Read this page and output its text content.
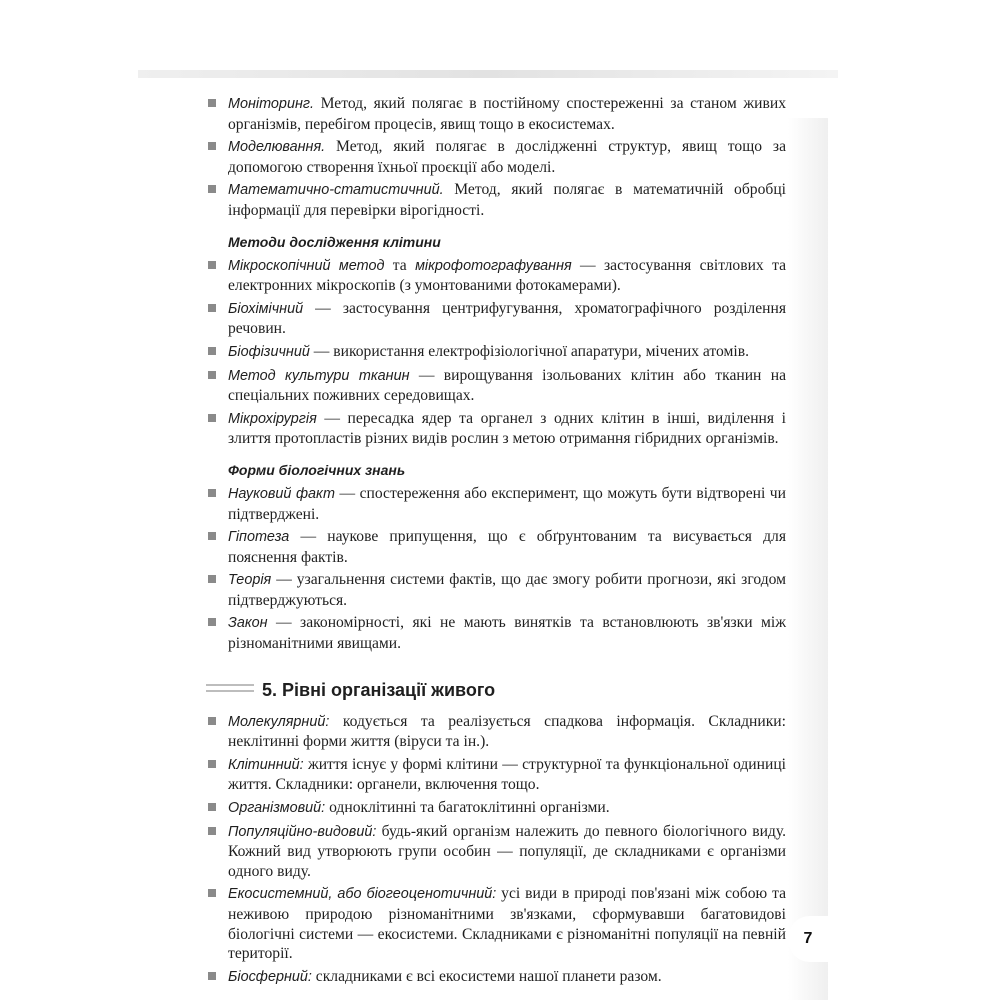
7
Моніторинг. Метод, який полягає в постійному спостереженні за станом живих організмів, перебігом процесів, явищ тощо в екосистемах.
Моделювання. Метод, який полягає в дослідженні структур, явищ тощо за допомогою створення їхньої проєкції або моделі.
Математично-статистичний. Метод, який полягає в математичній обробці інформації для перевірки вірогідності.
Методи дослідження клітини
Мікроскопічний метод та мікрофотографування — застосування світлових та електронних мікроскопів (з умонтованими фотокамерами).
Біохімічний — застосування центрифугування, хроматографічного розділення речовин.
Біофізичний — використання електрофізіологічної апаратури, мічених атомів.
Метод культури тканин — вирощування ізольованих клітин або тканин на спеціальних поживних середовищах.
Мікрохірургія — пересадка ядер та органел з одних клітин в інші, виділення і злиття протопластів різних видів рослин з метою отримання гібридних організмів.
Форми біологічних знань
Науковий факт — спостереження або експеримент, що можуть бути відтворені чи підтверджені.
Гіпотеза — наукове припущення, що є обґрунтованим та висувається для пояснення фактів.
Теорія — узагальнення системи фактів, що дає змогу робити прогнози, які згодом підтверджуються.
Закон — закономірності, які не мають винятків та встановлюють зв'язки між різноманітними явищами.
5. Рівні організації живого
Молекулярний: кодується та реалізується спадкова інформація. Складники: неклітинні форми життя (віруси та ін.).
Клітинний: життя існує у формі клітини — структурної та функціональної одиниці життя. Складники: органели, включення тощо.
Організмовий: одноклітинні та багатоклітинні організми.
Популяційно-видовий: будь-який організм належить до певного біологічного виду. Кожний вид утворюють групи особин — популяції, де складниками є організми одного виду.
Екосистемний, або біогеоценотичний: усі види в природі пов'язані між собою та неживою природою різноманітними зв'язками, сформувавши багатовидові біологічні системи — екосистеми. Складниками є різноманітні популяції на певній території.
Біосферний: складниками є всі екосистеми нашої планети разом.
